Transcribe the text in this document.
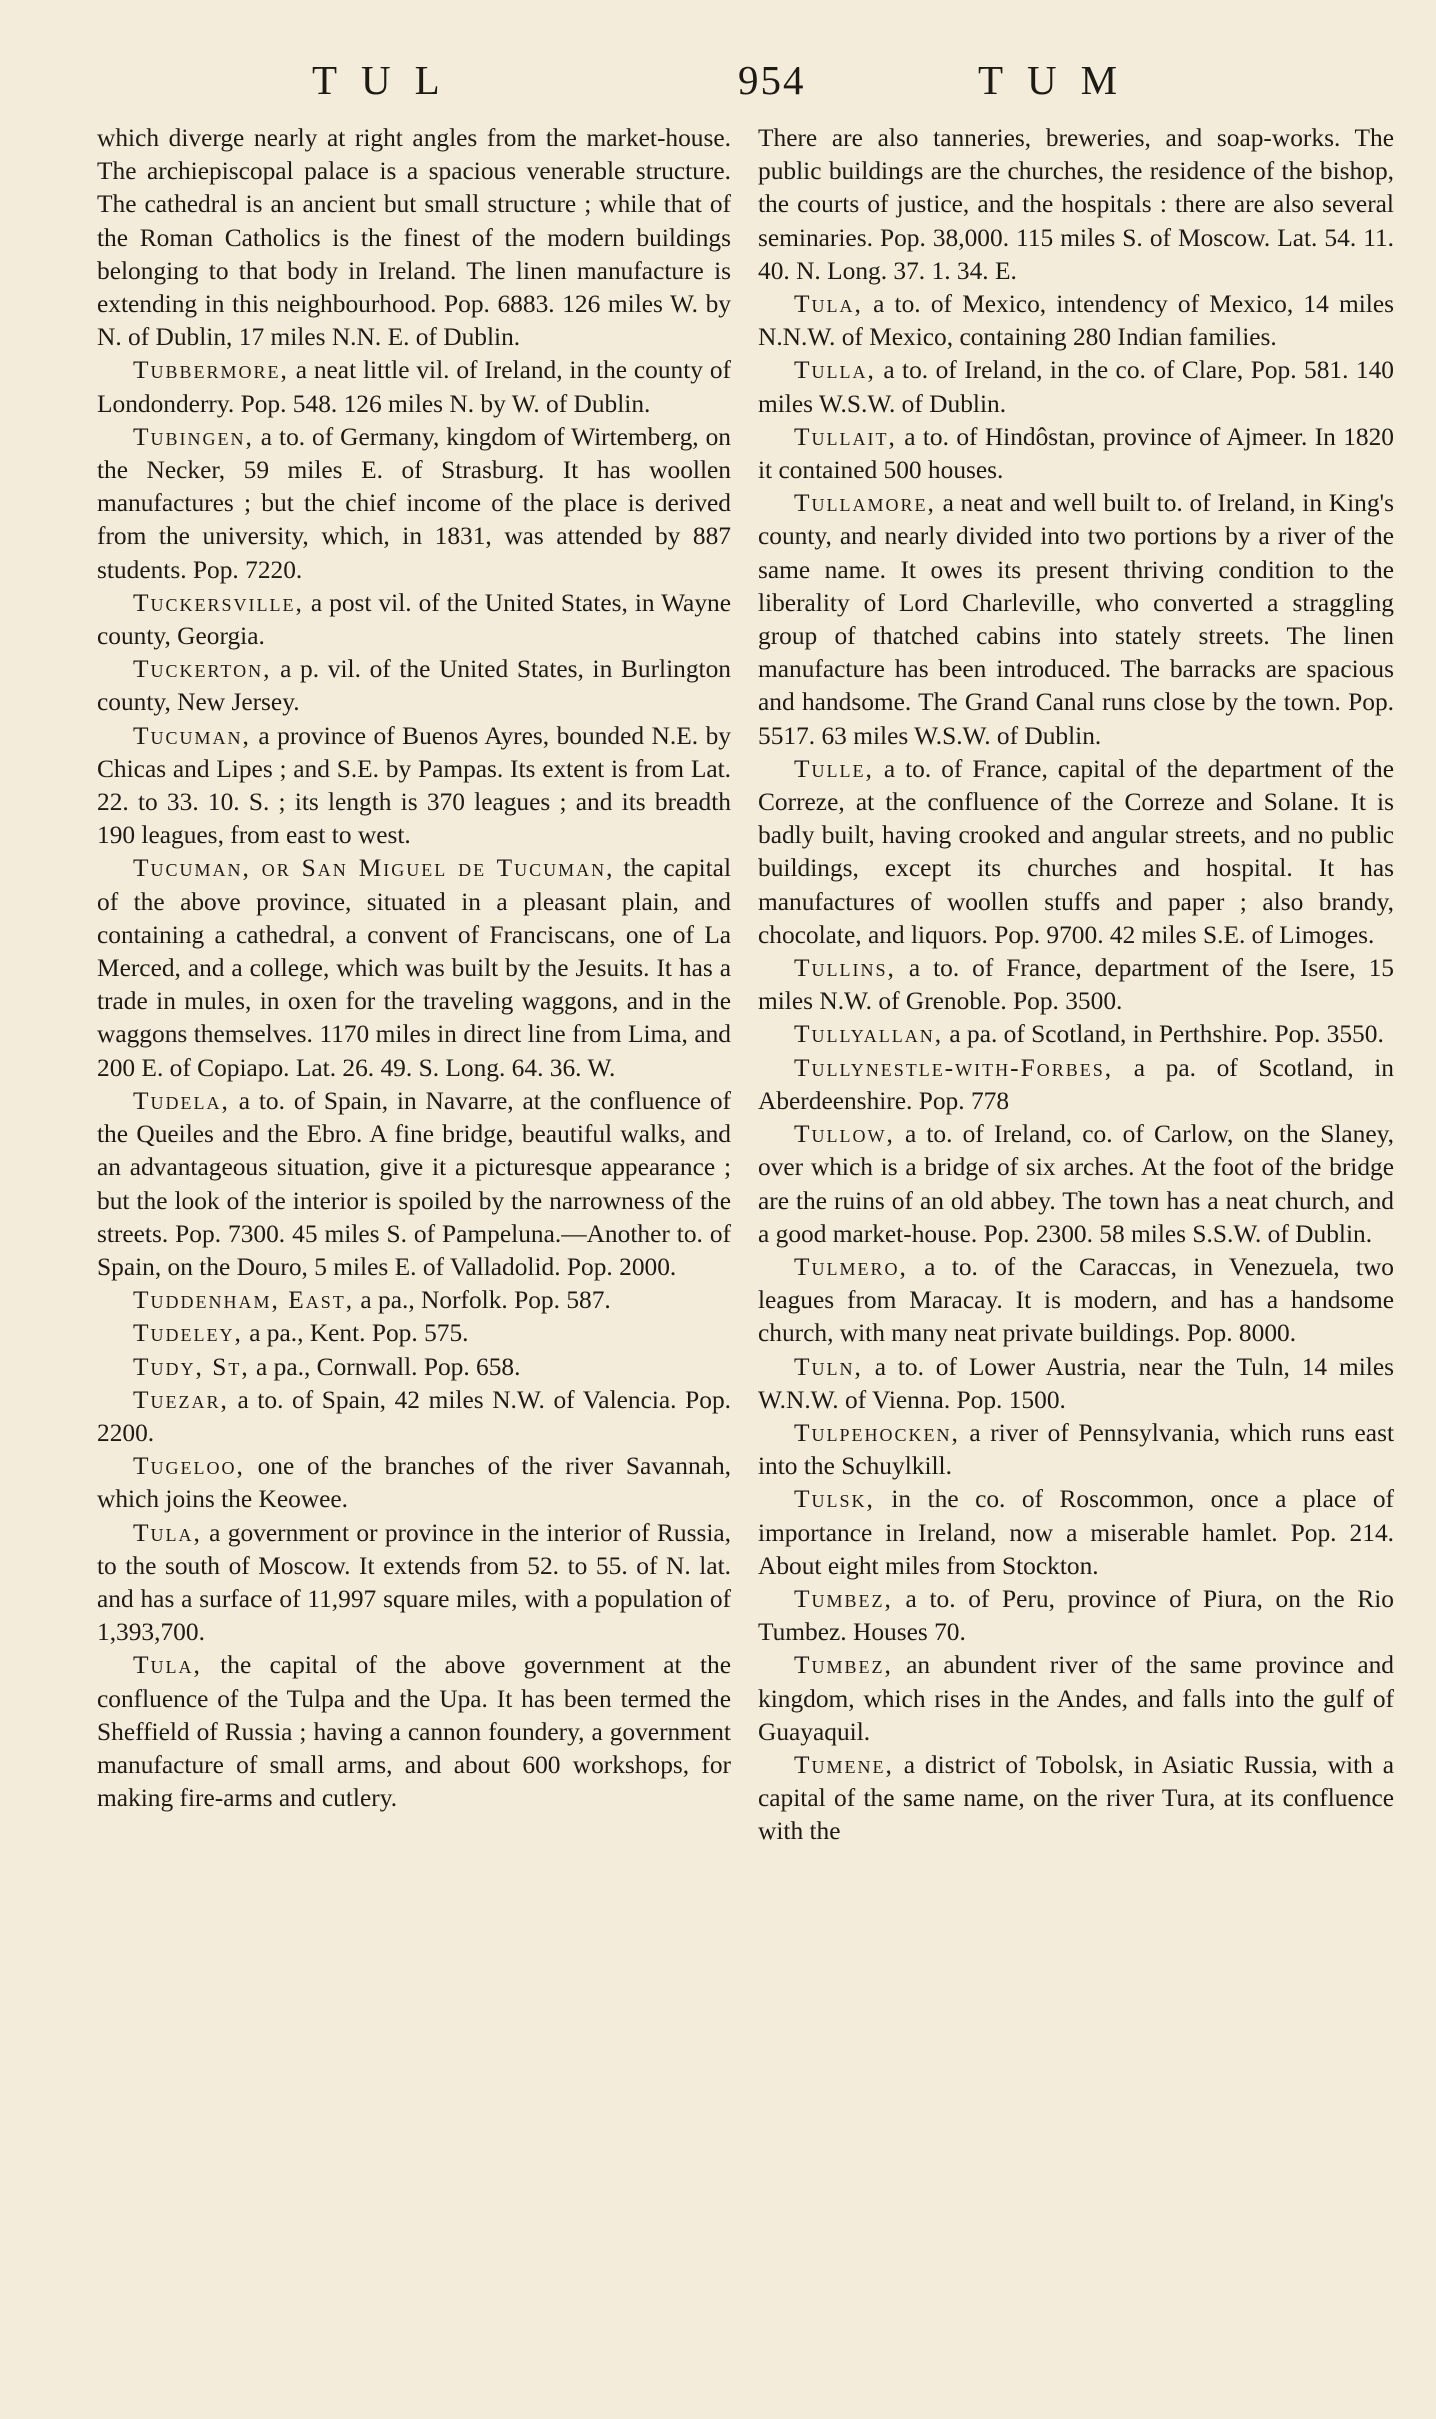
TUL	954	TUM

which diverge nearly at right angles from the market-house. The archiepiscopal palace is a spacious venerable structure. The cathedral is an ancient but small structure ; while that of the Roman Catholics is the finest of the modern buildings belonging to that body in Ireland. The linen manufacture is extending in this neighbourhood. Pop. 6883. 126 miles W. by N. of Dublin, 17 miles N.N. E. of Dublin.

Tubbermore, a neat little vil. of Ireland, in the county of Londonderry. Pop. 548. 126 miles N. by W. of Dublin.

Tubingen, a to. of Germany, kingdom of Wirtemberg, on the Necker, 59 miles E. of Strasburg. It has woollen manufactures ; but the chief income of the place is derived from the university, which, in 1831, was attended by 887 students. Pop. 7220.

Tuckersville, a post vil. of the United States, in Wayne county, Georgia.

Tuckerton, a p. vil. of the United States, in Burlington county, New Jersey.

Tucuman, a province of Buenos Ayres, bounded N.E. by Chicas and Lipes ; and S.E. by Pampas. Its extent is from Lat. 22. to 33. 10. S. ; its length is 370 leagues ; and its breadth 190 leagues, from east to west.

Tucuman, or San Miguel de Tucuman, the capital of the above province, situated in a pleasant plain, and containing a cathedral, a convent of Franciscans, one of La Merced, and a college, which was built by the Jesuits. It has a trade in mules, in oxen for the traveling waggons, and in the waggons themselves. 1170 miles in direct line from Lima, and 200 E. of Copiapo. Lat. 26. 49. S. Long. 64. 36. W.

Tudela, a to. of Spain, in Navarre, at the confluence of the Queiles and the Ebro. A fine bridge, beautiful walks, and an advantageous situation, give it a picturesque appearance ; but the look of the interior is spoiled by the narrowness of the streets. Pop. 7300. 45 miles S. of Pampeluna.—Another to. of Spain, on the Douro, 5 miles E. of Valladolid. Pop. 2000.

Tuddenham, East, a pa., Norfolk. Pop. 587.

Tudeley, a pa., Kent. Pop. 575.

Tudy, St, a pa., Cornwall. Pop. 658.

Tuezar, a to. of Spain, 42 miles N.W. of Valencia. Pop. 2200.

Tugeloo, one of the branches of the river Savannah, which joins the Keowee.

Tula, a government or province in the interior of Russia, to the south of Moscow. It extends from 52. to 55. of N. lat. and has a surface of 11,997 square miles, with a population of 1,393,700.

Tula, the capital of the above government at the confluence of the Tulpa and the Upa. It has been termed the Sheffield of Russia ; having a cannon foundery, a government manufacture of small arms, and about 600 workshops, for making fire-arms and cutlery.

There are also tanneries, breweries, and soap-works. The public buildings are the churches, the residence of the bishop, the courts of justice, and the hospitals : there are also several seminaries. Pop. 38,000. 115 miles S. of Moscow. Lat. 54. 11. 40. N. Long. 37. 1. 34. E.

Tula, a to. of Mexico, intendency of Mexico, 14 miles N.N.W. of Mexico, containing 280 Indian families.

Tulla, a to. of Ireland, in the co. of Clare, Pop. 581. 140 miles W.S.W. of Dublin.

Tullait, a to. of Hindôstan, province of Ajmeer. In 1820 it contained 500 houses.

Tullamore, a neat and well built to. of Ireland, in King's county, and nearly divided into two portions by a river of the same name. It owes its present thriving condition to the liberality of Lord Charleville, who converted a straggling group of thatched cabins into stately streets. The linen manufacture has been introduced. The barracks are spacious and handsome. The Grand Canal runs close by the town. Pop. 5517. 63 miles W.S.W. of Dublin.

Tulle, a to. of France, capital of the department of the Correze, at the confluence of the Correze and Solane. It is badly built, having crooked and angular streets, and no public buildings, except its churches and hospital. It has manufactures of woollen stuffs and paper ; also brandy, chocolate, and liquors. Pop. 9700. 42 miles S.E. of Limoges.

Tullins, a to. of France, department of the Isere, 15 miles N.W. of Grenoble. Pop. 3500.

Tullyallan, a pa. of Scotland, in Perthshire. Pop. 3550.

Tullynestle-with-Forbes, a pa. of Scotland, in Aberdeenshire. Pop. 778

Tullow, a to. of Ireland, co. of Carlow, on the Slaney, over which is a bridge of six arches. At the foot of the bridge are the ruins of an old abbey. The town has a neat church, and a good market-house. Pop. 2300. 58 miles S.S.W. of Dublin.

Tulmero, a to. of the Caraccas, in Venezuela, two leagues from Maracay. It is modern, and has a handsome church, with many neat private buildings. Pop. 8000.

Tuln, a to. of Lower Austria, near the Tuln, 14 miles W.N.W. of Vienna. Pop. 1500.

Tulpehocken, a river of Pennsylvania, which runs east into the Schuylkill.

Tulsk, in the co. of Roscommon, once a place of importance in Ireland, now a miserable hamlet. Pop. 214. About eight miles from Stockton.

Tumbez, a to. of Peru, province of Piura, on the Rio Tumbez. Houses 70.

Tumbez, an abundent river of the same province and kingdom, which rises in the Andes, and falls into the gulf of Guayaquil.

Tumene, a district of Tobolsk, in Asiatic Russia, with a capital of the same name, on the river Tura, at its confluence with the
